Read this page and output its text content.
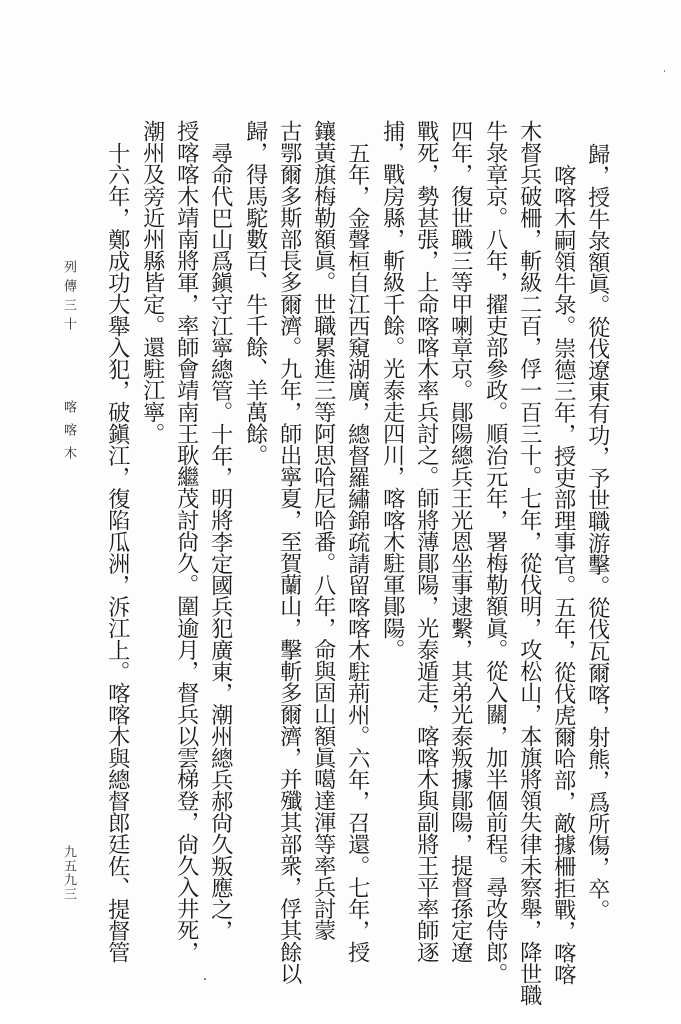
歸，授牛彔額眞。從伐遼東有功，予世職游擊。從伐瓦爾喀，射熊，爲所傷，卒。
喀喀木嗣領牛彔。崇德三年，授吏部理事官。五年，從伐虎爾哈部，敵據柵拒戰，喀喀
木督兵破柵，斬級二百，俘一百三十。七年，從伐明，攻松山，本旗將領失律未察舉，降世職
牛彔章京。八年，擢吏部參政。順治元年，署梅勒額眞。從入關，加半個前程。尋改侍郎。
四年，復世職三等甲喇章京。鄖陽總兵王光恩坐事逮繫，其弟光泰叛據鄖陽，提督孫定遼
戰死，勢甚張，上命喀喀木率兵討之。師將薄鄖陽，光泰遁走，喀喀木與副將王平率師逐
捕，戰房縣，斬級千餘。光泰走四川，喀喀木駐軍鄖陽。
五年，金聲桓自江西窺湖廣，總督羅繡錦疏請留喀喀木駐荊州。六年，召還。七年，授
鑲黃旗梅勒額眞。世職累進三等阿思哈尼哈番。八年，命與固山額眞噶達渾等率兵討蒙
古鄂爾多斯部長多爾濟。九年，師出寧夏，至賀蘭山，擊斬多爾濟，并殲其部衆，俘其餘以
歸，得馬駝數百、牛千餘、羊萬餘。
尋命代巴山爲鎭守江寧總管。十年，明將李定國兵犯廣東，潮州總兵郝尙久叛應之，
授喀喀木靖南將軍，率師會靖南王耿繼茂討尙久。圍逾月，督兵以雲梯登，尙久入井死，
潮州及旁近州縣皆定。還駐江寧。
十六年，鄭成功大舉入犯，破鎭江，復陷瓜洲，泝江上。喀喀木與總督郎廷佐、提督管
列傳三十
喀喀木
九五九三
